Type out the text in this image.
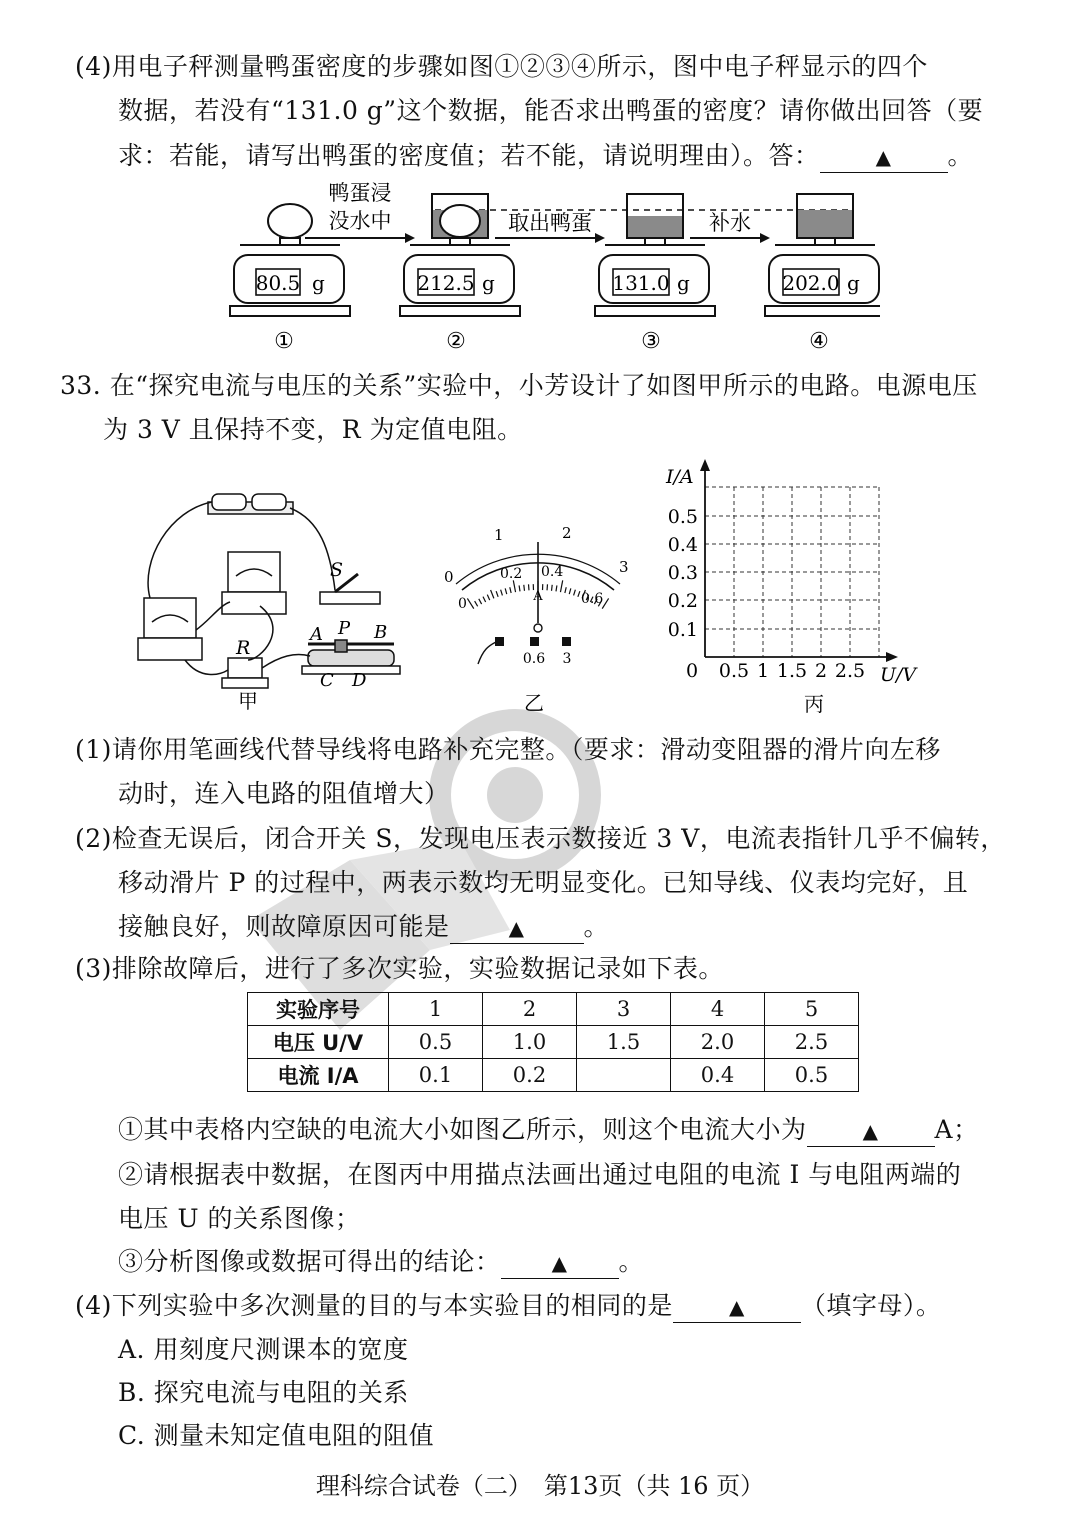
(4)用电子秤测量鸭蛋密度的步骤如图①②③④所示，图中电子秤显示的四个
数据，若没有“131.0 g”这个数据，能否求出鸭蛋的密度？请你做出回答（要
求：若能，请写出鸭蛋的密度值；若不能，请说明理由）。答：	▲ 。
80.5 g	212.5 g	131.0 g	202.0 g
鸭蛋浸
没水中	取出鸭蛋	补水
①	②	③	④
33. 在“探究电流与电压的关系”实验中，小芳设计了如图甲所示的电路。电源电压
为 3 V 且保持不变，R 为定值电阻。
S
R
A P B
C D
甲
0
1	2
3
0
0.2 0.4
0.6
A
0.6 3
乙
I/A
U/V
0
0.1
0.2
0.3
0.4
0.5
0.5 1 1.5 2 2.5
丙
(1)请你用笔画线代替导线将电路补充完整。（要求：滑动变阻器的滑片向左移
动时，连入电路的阻值增大）
(2)检查无误后，闭合开关 S，发现电压表示数接近 3 V，电流表指针几乎不偏转，
移动滑片 P 的过程中，两表示数均无明显变化。已知导线、仪表均完好，且
接触良好，则故障原因可能是	▲ 。
(3)排除故障后，进行了多次实验，实验数据记录如下表。
实验序号	1	2	3	4	5
电压 U/V	0.5	1.0	1.5	2.0	2.5
电流 I/A	0.1	0.2		0.4	0.5
①其中表格内空缺的电流大小如图乙所示，则这个电流大小为	▲ A；
②请根据表中数据，在图丙中用描点法画出通过电阻的电流 I 与电阻两端的
电压 U 的关系图像；
③分析图像或数据可得出的结论：	▲ 。
(4)下列实验中多次测量的目的与本实验目的相同的是	▲ （填字母）。
A. 用刻度尺测课本的宽度
B. 探究电流与电阻的关系
C. 测量未知定值电阻的阻值
理科综合试卷（二）　第13页（共 16 页）
